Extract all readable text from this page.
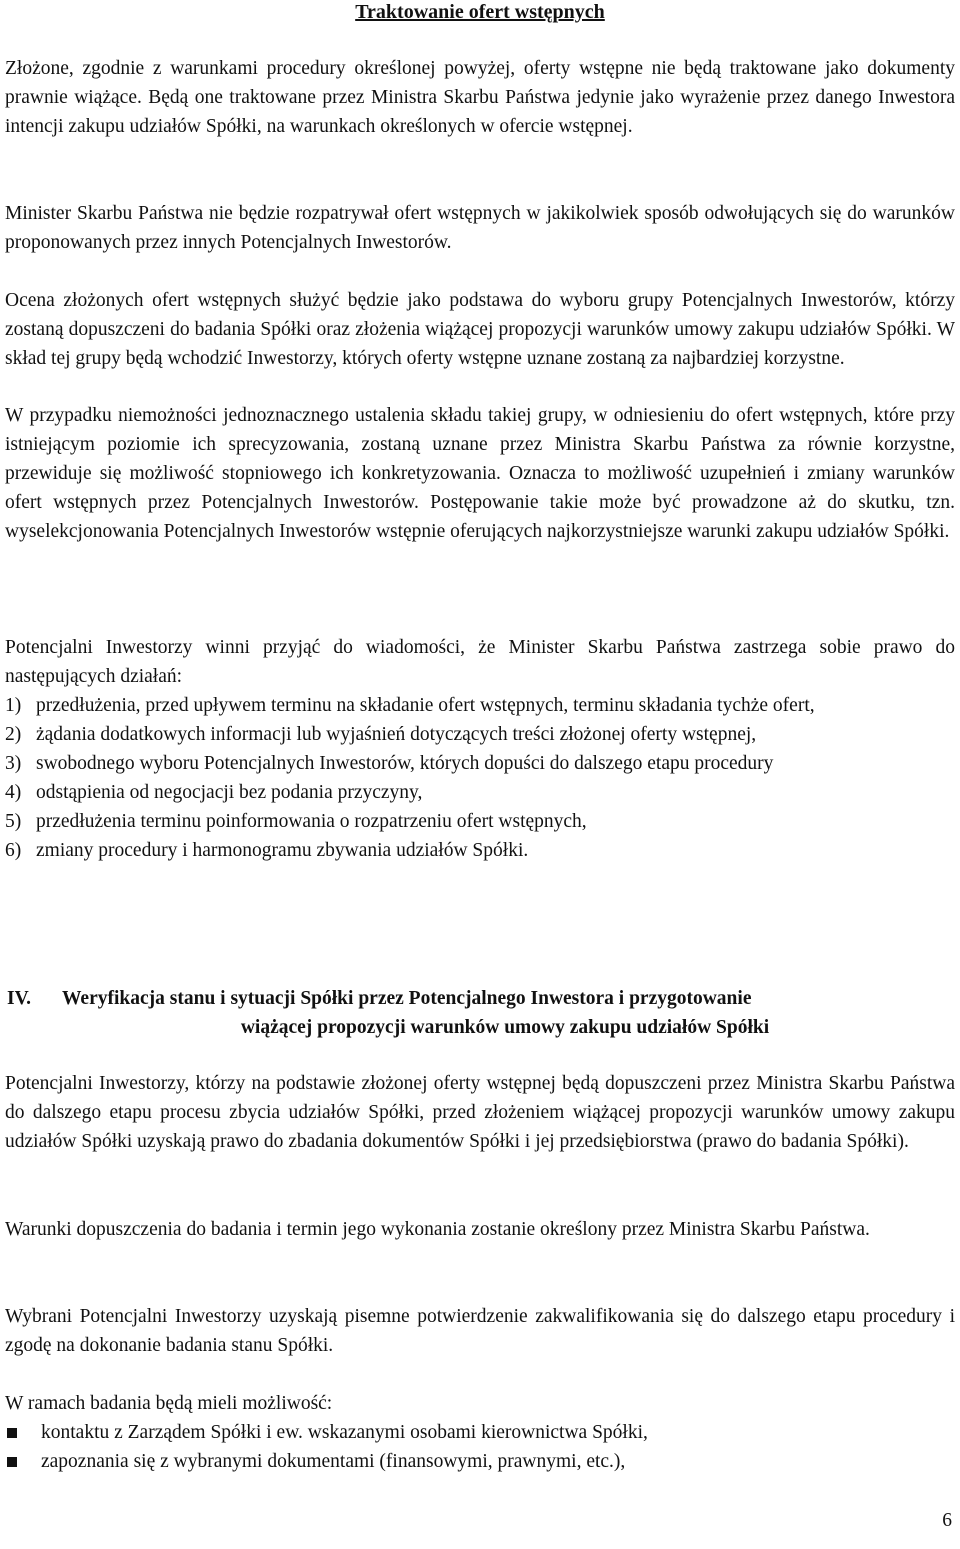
Traktowanie ofert wstępnych

Złożone, zgodnie z warunkami procedury określonej powyżej, oferty wstępne nie będą traktowane jako dokumenty prawnie wiążące. Będą one traktowane przez Ministra Skarbu Państwa jedynie jako wyrażenie przez danego Inwestora intencji zakupu udziałów Spółki, na warunkach określonych w ofercie wstępnej.

Minister Skarbu Państwa nie będzie rozpatrywał ofert wstępnych w jakikolwiek sposób odwołujących się do warunków proponowanych przez innych Potencjalnych Inwestorów.

Ocena złożonych ofert wstępnych służyć będzie jako podstawa do wyboru grupy Potencjalnych Inwestorów, którzy zostaną dopuszczeni do badania Spółki oraz złożenia wiążącej propozycji warunków umowy zakupu udziałów Spółki. W skład tej grupy będą wchodzić Inwestorzy, których oferty wstępne uznane zostaną za najbardziej korzystne.

W przypadku niemożności jednoznacznego ustalenia składu takiej grupy, w odniesieniu do ofert wstępnych, które przy istniejącym poziomie ich sprecyzowania, zostaną uznane przez Ministra Skarbu Państwa za równie korzystne, przewiduje się możliwość stopniowego ich konkretyzowania. Oznacza to możliwość uzupełnień i zmiany warunków ofert wstępnych przez Potencjalnych Inwestorów. Postępowanie takie może być prowadzone aż do skutku, tzn. wyselekcjonowania Potencjalnych Inwestorów wstępnie oferujących najkorzystniejsze warunki zakupu udziałów Spółki.

Potencjalni Inwestorzy winni przyjąć do wiadomości, że Minister Skarbu Państwa zastrzega sobie prawo do następujących działań:

1) przedłużenia, przed upływem terminu na składanie ofert wstępnych, terminu składania tychże ofert,
2) żądania dodatkowych informacji lub wyjaśnień dotyczących treści złożonej oferty wstępnej,
3) swobodnego wyboru Potencjalnych Inwestorów, których dopuści do dalszego etapu procedury
4) odstąpienia od negocjacji bez podania przyczyny,
5) przedłużenia terminu poinformowania o rozpatrzeniu ofert wstępnych,
6) zmiany procedury i harmonogramu zbywania udziałów Spółki.
IV.	Weryfikacja stanu i sytuacji Spółki przez Potencjalnego Inwestora i przygotowanie
wiążącej propozycji warunków umowy zakupu udziałów Spółki

Potencjalni Inwestorzy, którzy na podstawie złożonej oferty wstępnej będą dopuszczeni przez Ministra Skarbu Państwa do dalszego etapu procesu zbycia udziałów Spółki, przed złożeniem wiążącej propozycji warunków umowy zakupu udziałów Spółki uzyskają prawo do zbadania dokumentów Spółki i jej przedsiębiorstwa (prawo do badania Spółki).

Warunki dopuszczenia do badania i termin jego wykonania zostanie określony przez Ministra Skarbu Państwa.

Wybrani Potencjalni Inwestorzy uzyskają pisemne potwierdzenie zakwalifikowania się do dalszego etapu procedury i zgodę na dokonanie badania stanu Spółki.

W ramach badania będą mieli możliwość:

kontaktu z Zarządem Spółki i ew. wskazanymi osobami kierownictwa Spółki,
zapoznania się z wybranymi dokumentami (finansowymi, prawnymi, etc.),
6
